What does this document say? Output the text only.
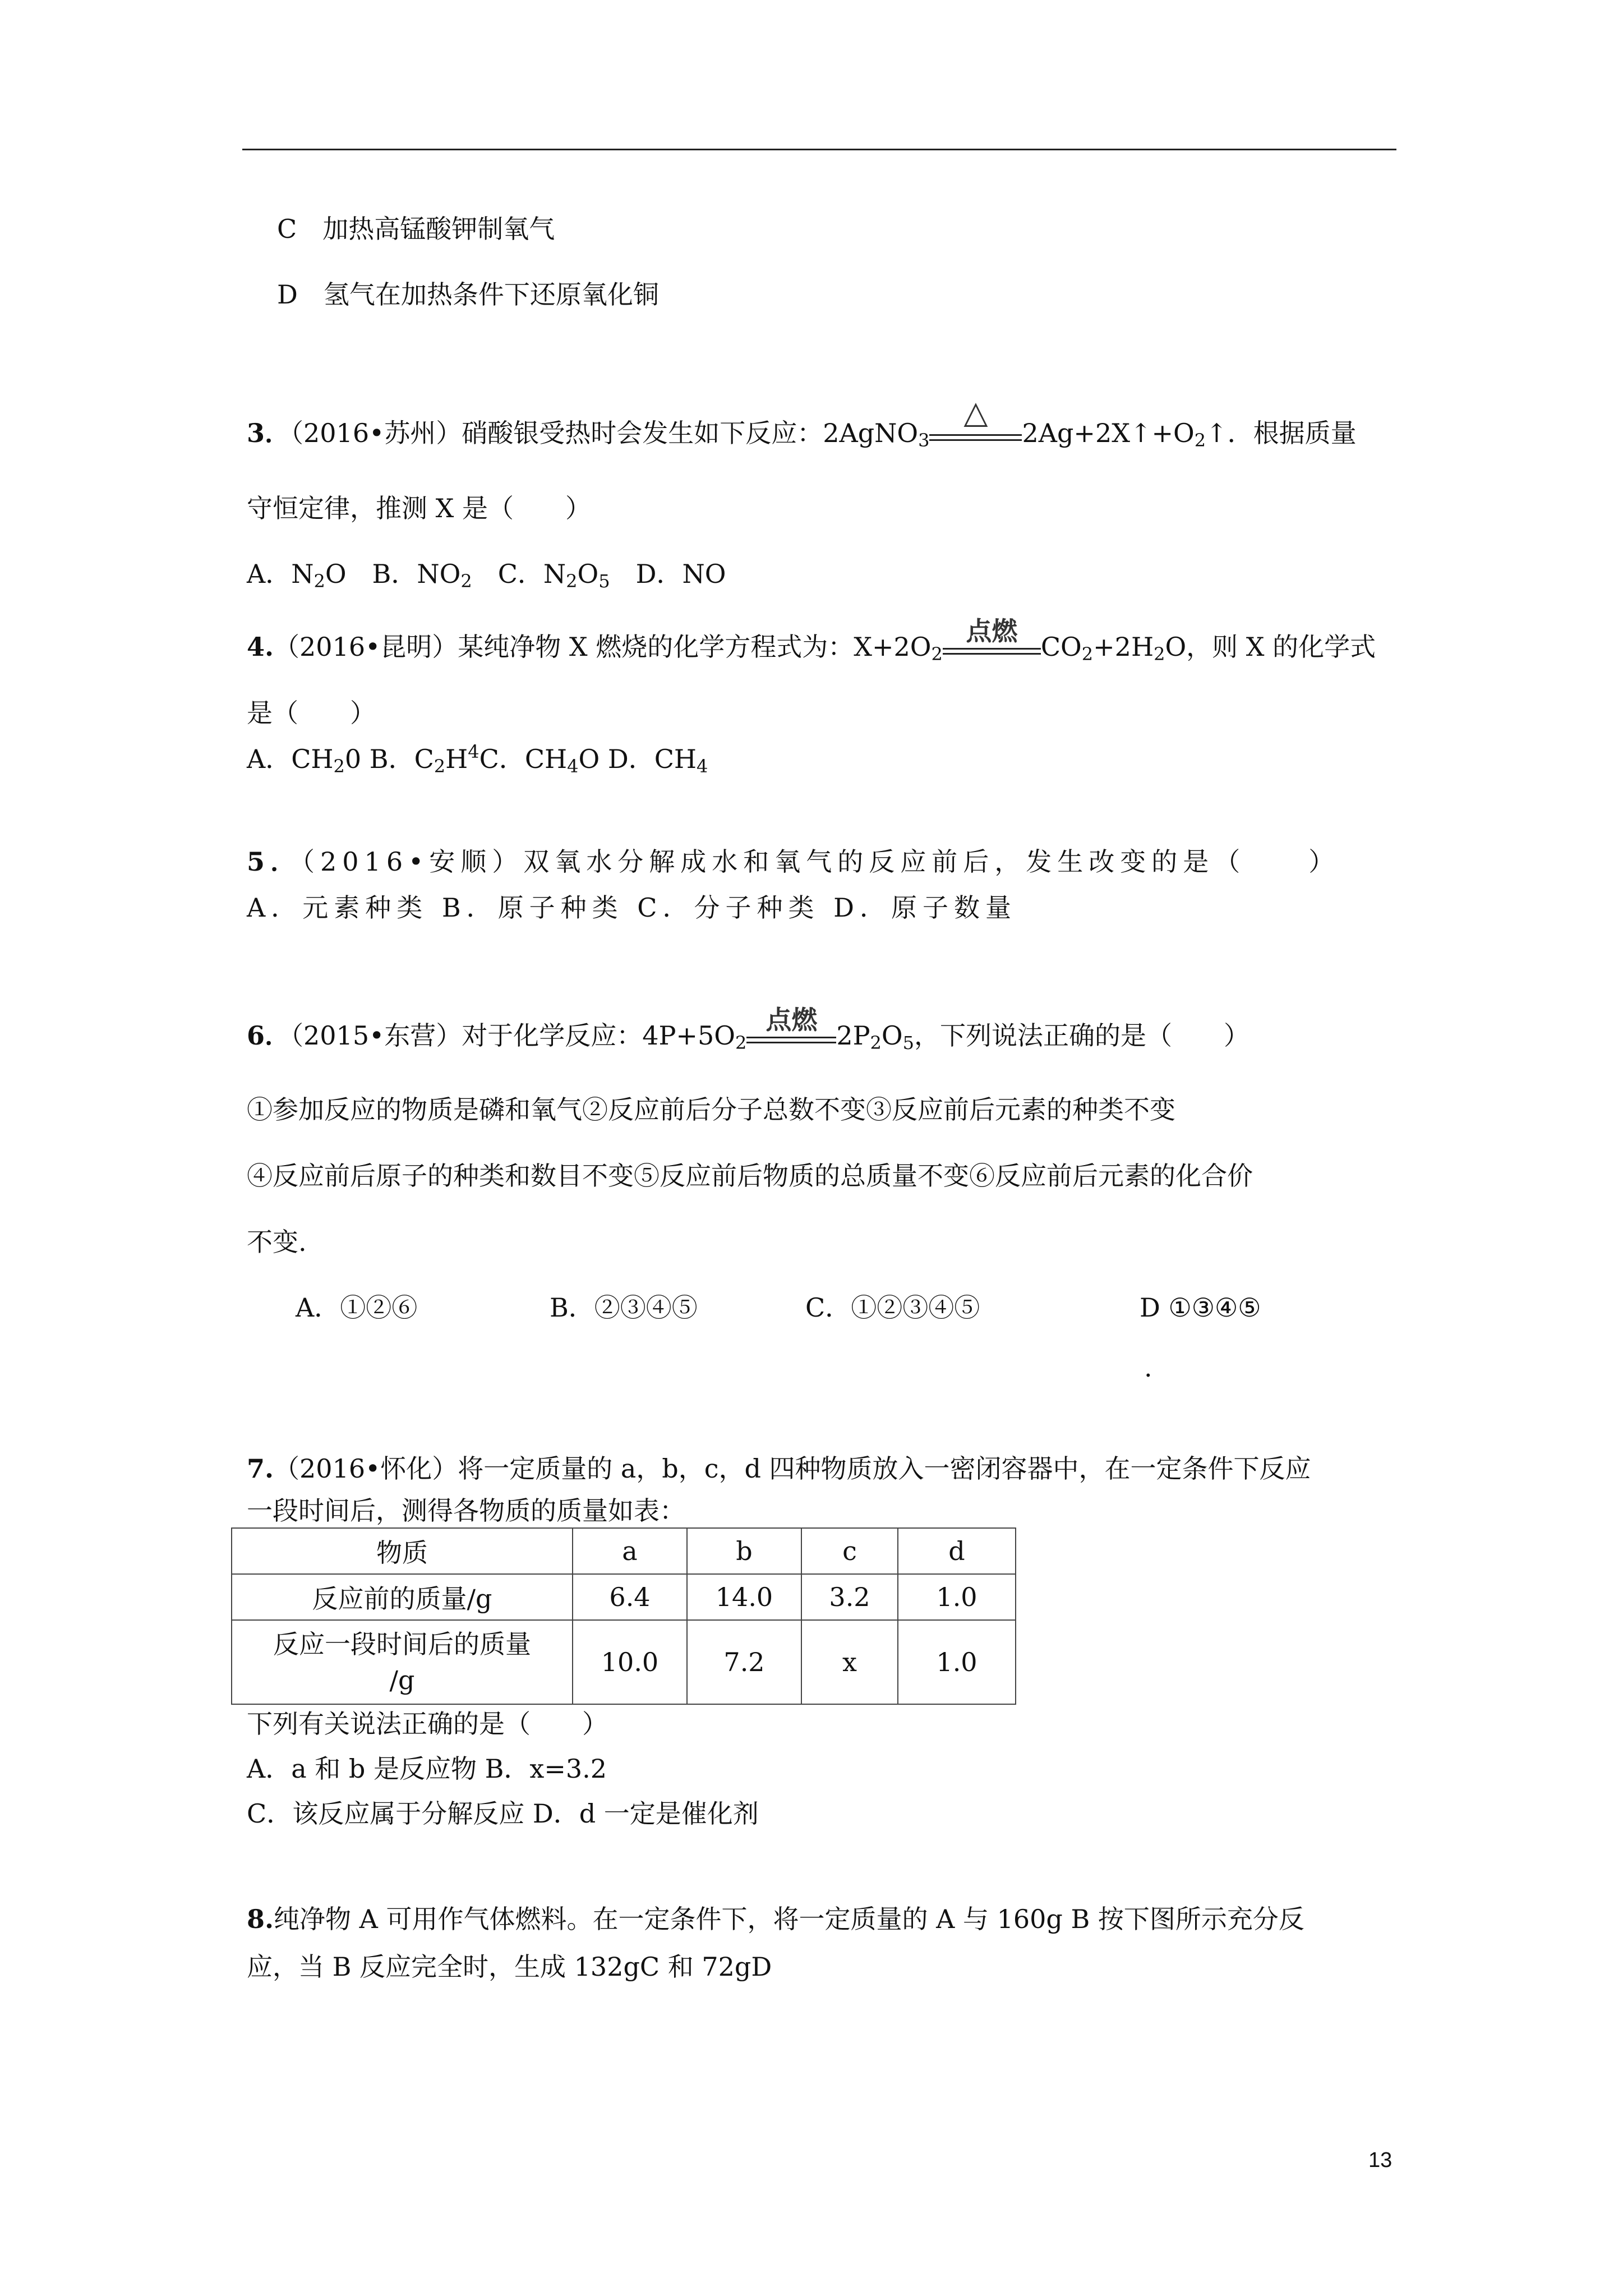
C　加热高锰酸钾制氧气
D　氢气在加热条件下还原氧化铜
3．（2016•苏州）硝酸银受热时会发生如下反应：2AgNO$_3$
△
$2Ag+2X↑+O_2↑$．根据质量
守恒定律，推测 X 是（　　）
A．$N_2O$　B．$NO_2$　C．$N_2O_5$　D．NO
4.（2016•昆明）某纯净物 X 燃烧的化学方程式为：$X+2O_2$
点燃
$CO_2+2H_2O$，则 X 的化学式
是（　　）
A．$CH_20$ B．$C_2H^4C$．$CH_4O$ D．$CH_4$
5．（2016•安顺）双氧水分解成水和氧气的反应前后，发生改变的是（　　）
A．元素种类 B．原子种类 C．分子种类 D．原子数量
6．（2015•东营）对于化学反应：$4P+5O_2$
点燃
$2P_2O_5$，下列说法正确的是（　　）
①参加反应的物质是磷和氧气②反应前后分子总数不变③反应前后元素的种类不变
④反应前后原子的种类和数目不变⑤反应前后物质的总质量不变⑥反应前后元素的化合价
不变.
A．①②⑥	B．②③④⑤	C．①②③④⑤	D ①③④⑤
.
7.（2016•怀化）将一定质量的 a，b，c，d 四种物质放入一密闭容器中，在一定条件下反应
一段时间后，测得各物质的质量如表：
物质	a	b	c	d
反应前的质量/g	6.4	14.0	3.2	1.0

反应一段时间后的质量
/g	10.0	7.2	x	1.0
下列有关说法正确的是（　　）
A．a 和 b 是反应物 B．x=3.2
C．该反应属于分解反应 D．d 一定是催化剂
8.纯净物 A 可用作气体燃料。在一定条件下，将一定质量的 A 与 160g B 按下图所示充分反
应，当 B 反应完全时，生成 132gC 和 72gD
13
